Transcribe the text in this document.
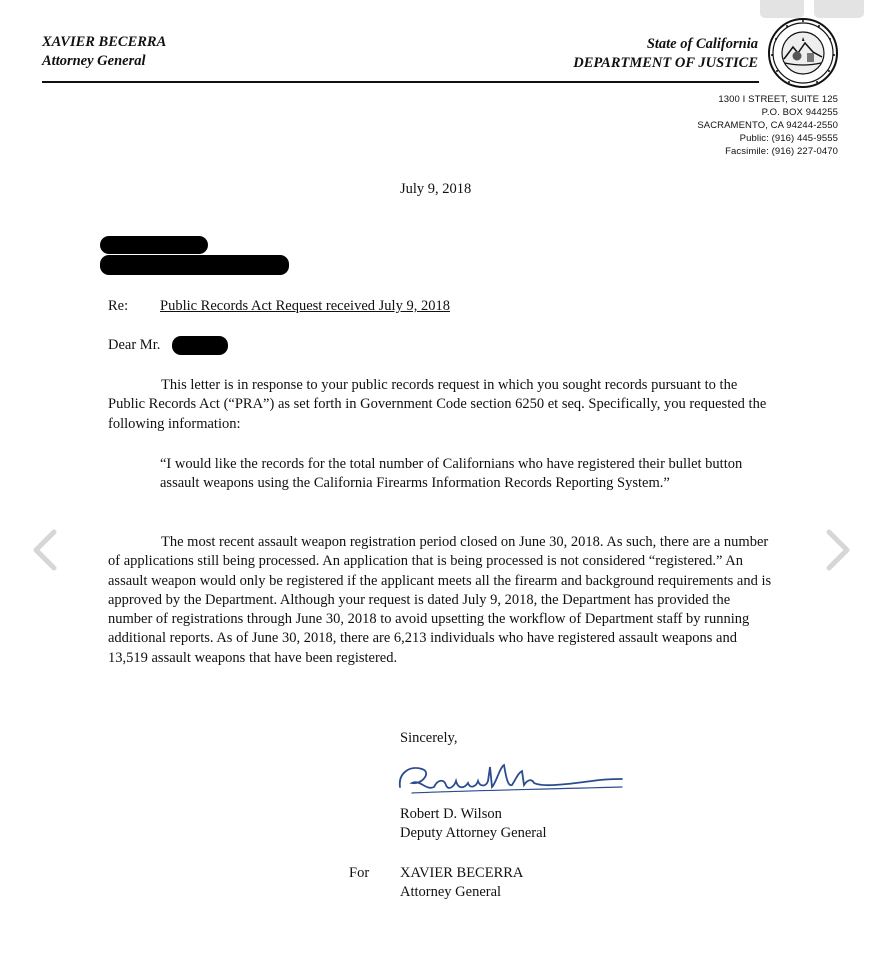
XAVIER BECERRA
Attorney General
State of California
DEPARTMENT OF JUSTICE
1300 I STREET, SUITE 125
P.O. BOX 944255
SACRAMENTO, CA 94244-2550
Public: (916) 445-9555
Facsimile: (916) 227-0470
July 9, 2018
Re: Public Records Act Request received July 9, 2018
Dear Mr.
This letter is in response to your public records request in which you sought records pursuant to the Public Records Act (“PRA”) as set forth in Government Code section 6250 et seq. Specifically, you requested the following information:
“I would like the records for the total number of Californians who have registered their bullet button assault weapons using the California Firearms Information Records Reporting System.”
The most recent assault weapon registration period closed on June 30, 2018. As such, there are a number of applications still being processed. An application that is being processed is not considered “registered.” An assault weapon would only be registered if the applicant meets all the firearm and background requirements and is approved by the Department. Although your request is dated July 9, 2018, the Department has provided the number of registrations through June 30, 2018 to avoid upsetting the workflow of Department staff by running additional reports. As of June 30, 2018, there are 6,213 individuals who have registered assault weapons and 13,519 assault weapons that have been registered.
Sincerely,
Robert D. Wilson
Deputy Attorney General
For XAVIER BECERRA
Attorney General
